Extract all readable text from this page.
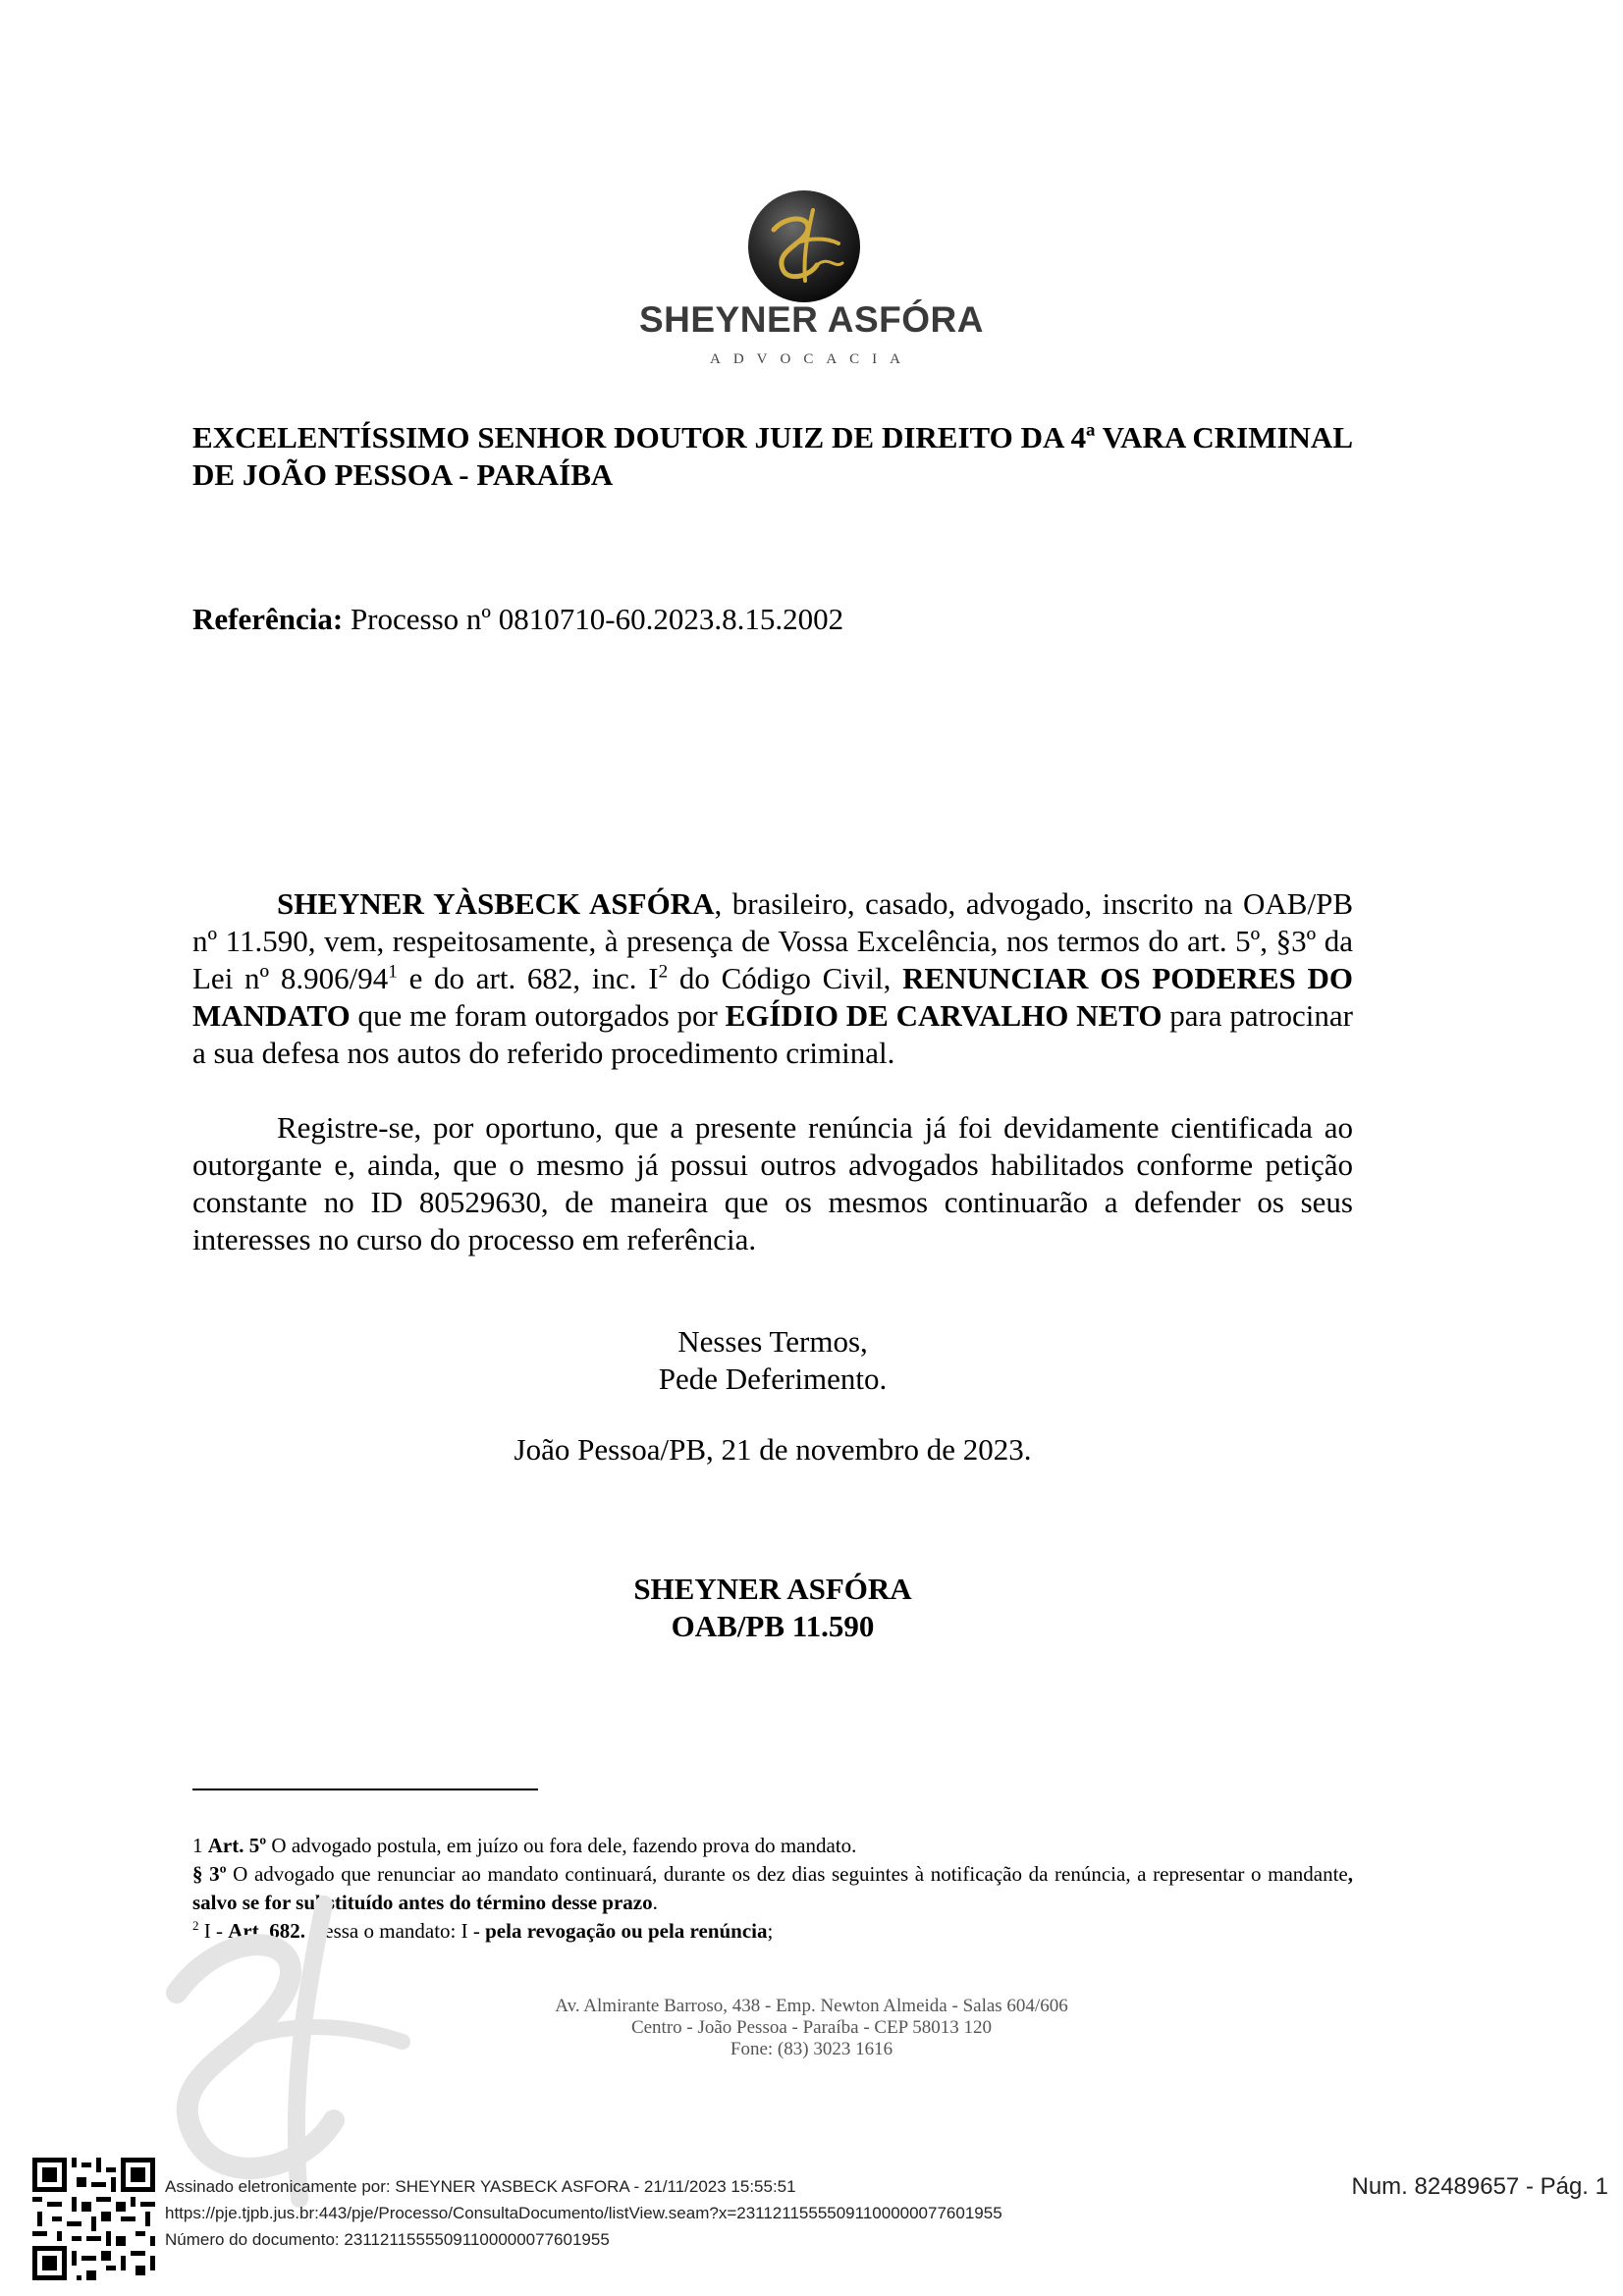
SHEYNER ASFÓRA
ADVOCACIA
EXCELENTÍSSIMO SENHOR DOUTOR JUIZ DE DIREITO DA 4ª VARA CRIMINAL DE JOÃO PESSOA - PARAÍBA
Referência: Processo nº 0810710-60.2023.8.15.2002

SHEYNER YÀSBECK ASFÓRA, brasileiro, casado, advogado, inscrito na OAB/PB nº 11.590, vem, respeitosamente, à presença de Vossa Excelência, nos termos do art. 5º, §3º da Lei nº $8.906/94^1$ e do art. 682, inc. $I^2$ do Código Civil, RENUNCIAR OS PODERES DO MANDATO que me foram outorgados por EGÍDIO DE CARVALHO NETO para patrocinar a sua defesa nos autos do referido procedimento criminal.

Registre-se, por oportuno, que a presente renúncia já foi devidamente cientificada ao outorgante e, ainda, que o mesmo já possui outros advogados habilitados conforme petição constante no ID 80529630, de maneira que os mesmos continuarão a defender os seus interesses no curso do processo em referência.

Nesses Termos,
Pede Deferimento.
João Pessoa/PB, 21 de novembro de 2023.
SHEYNER ASFÓRA
OAB/PB 11.590

1 Art. 5º O advogado postula, em juízo ou fora dele, fazendo prova do mandato.

§ 3º O advogado que renunciar ao mandato continuará, durante os dez dias seguintes à notificação da renúncia, a representar o mandante, salvo se for substituído antes do término desse prazo.

$^2$ I - Art. 682. Cessa o mandato: I - pela revogação ou pela renúncia;

Av. Almirante Barroso, 438 - Emp. Newton Almeida - Salas 604/606
Centro - João Pessoa - Paraíba - CEP 58013 120
Fone: (83) 3023 1616
Assinado eletronicamente por: SHEYNER YASBECK ASFORA - 21/11/2023 15:55:51
https://pje.tjpb.jus.br:443/pje/Processo/ConsultaDocumento/listView.seam?x=23112115555091100000077601955
Número do documento: 23112115555091100000077601955
Num. 82489657 - Pág. 1
